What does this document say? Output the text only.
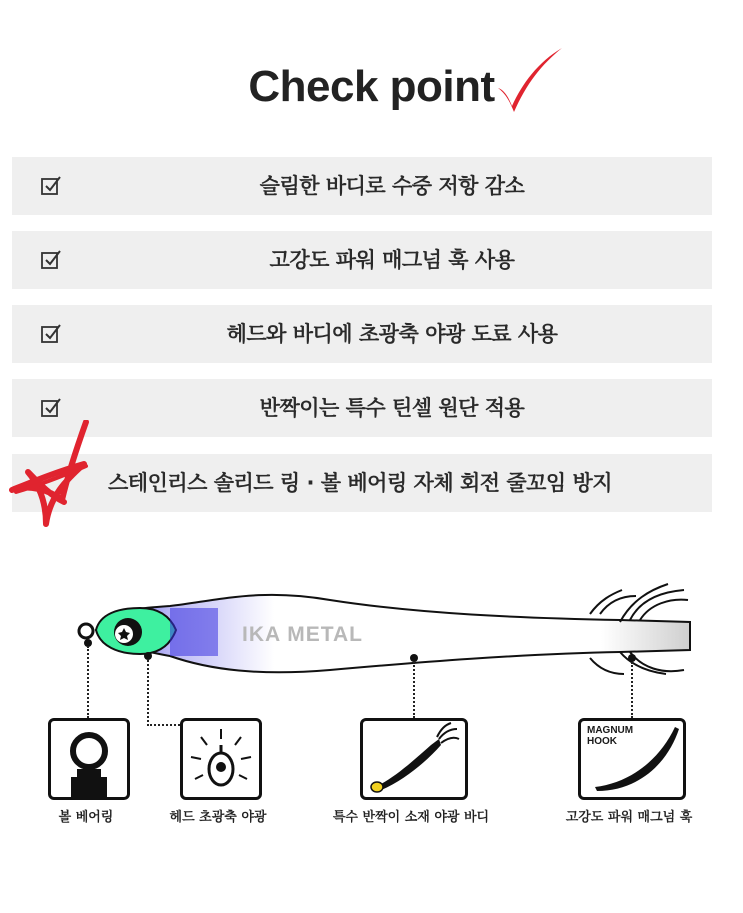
Check point
슬림한 바디로 수중 저항 감소
고강도 파워 매그넘 훅 사용
헤드와 바디에 초광축 야광 도료 사용
반짝이는 특수 틴셀 원단 적용
스테인리스 솔리드 링 · 볼 베어링 자체 회전 줄꼬임 방지
IKA METAL
MAGNUM
HOOK
볼 베어링	헤드 초광축 야광	특수 반짝이 소재 야광 바디	고강도 파워 매그넘 훅
